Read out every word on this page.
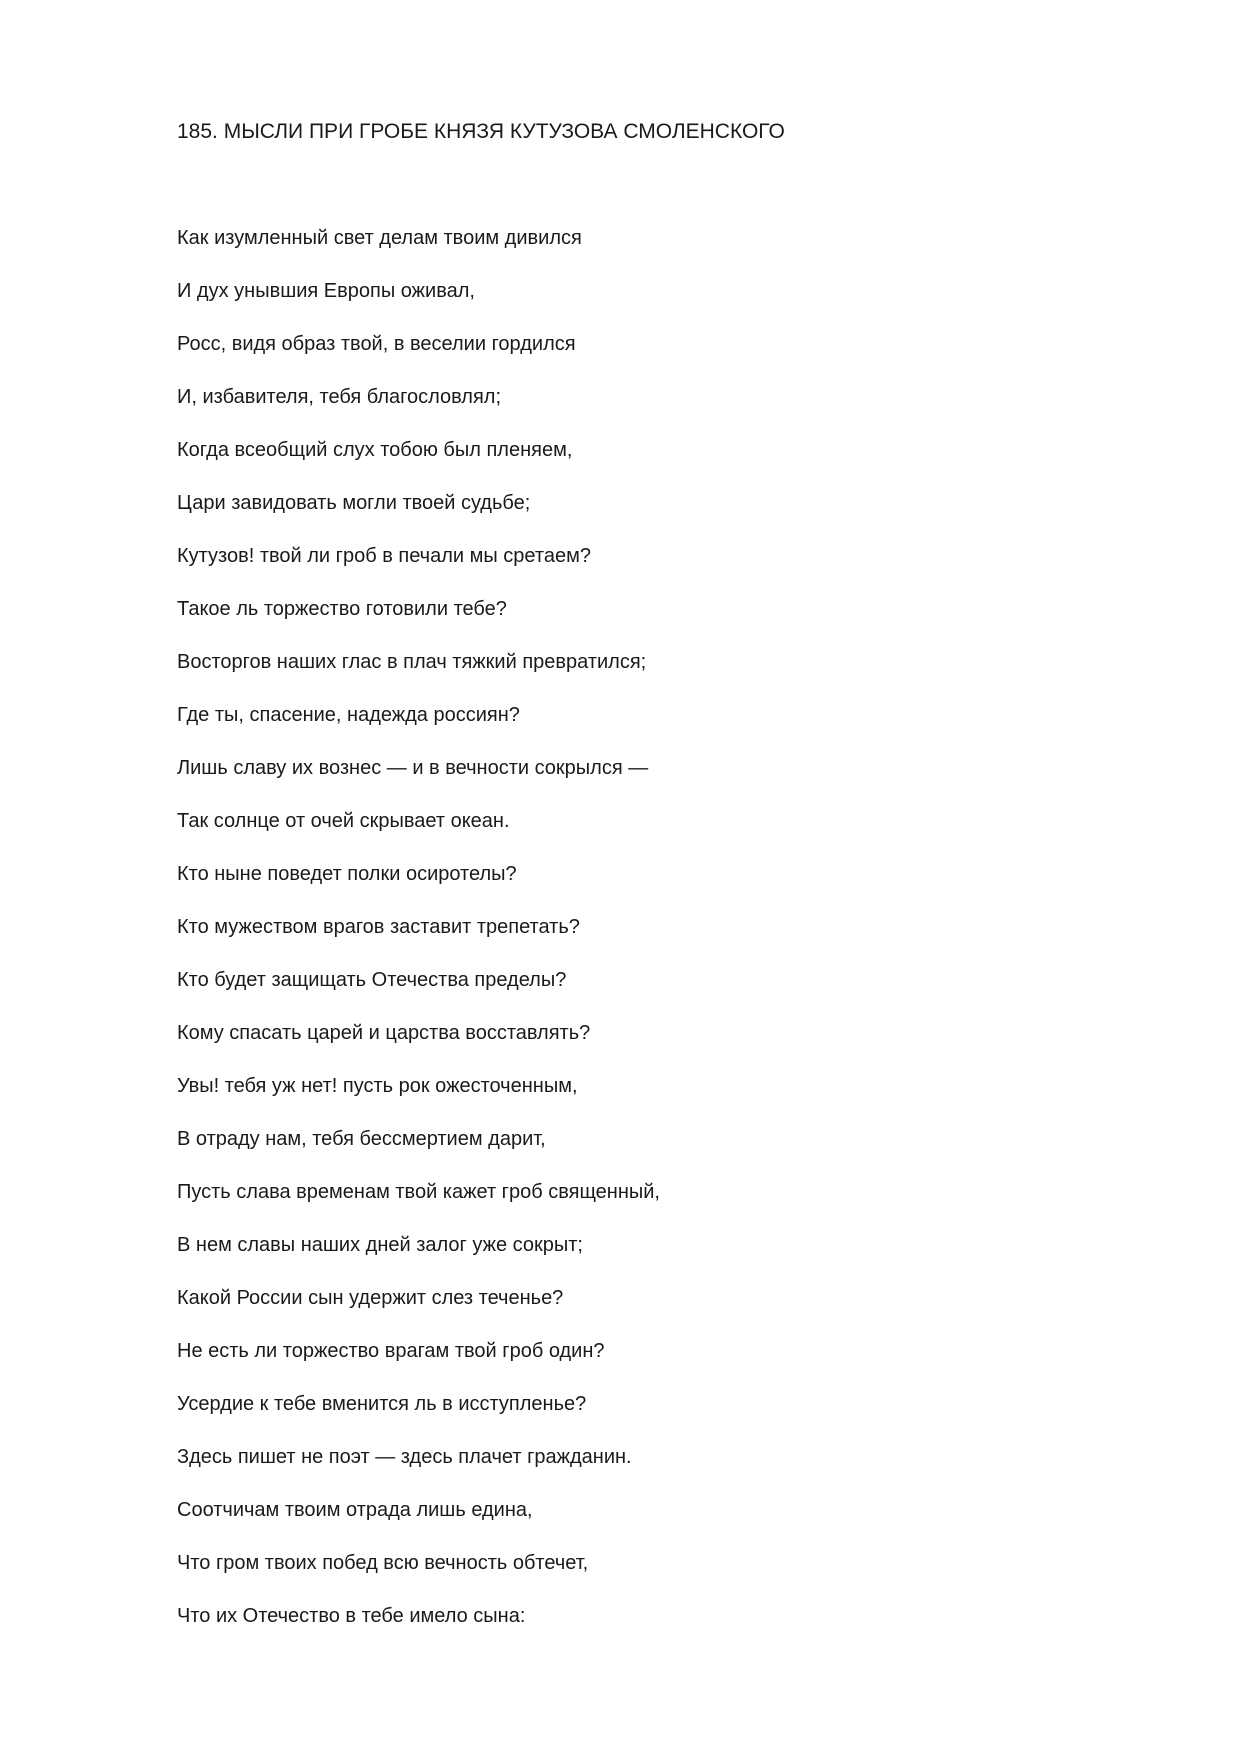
185. МЫСЛИ ПРИ ГРОБЕ КНЯЗЯ КУТУЗОВА СМОЛЕНСКОГО
Как изумленный свет делам твоим дивился
И дух унывшия Европы оживал,
Росс, видя образ твой, в веселии гордился
И, избавителя, тебя благословлял;
Когда всеобщий слух тобою был пленяем,
Цари завидовать могли твоей судьбе;
Кутузов! твой ли гроб в печали мы сретаем?
Такое ль торжество готовили тебе?
Восторгов наших глас в плач тяжкий превратился;
Где ты, спасение, надежда россиян?
Лишь славу их вознес — и в вечности сокрылся —
Так солнце от очей скрывает океан.
Кто ныне поведет полки осиротелы?
Кто мужеством врагов заставит трепетать?
Кто будет защищать Отечества пределы?
Кому спасать царей и царства восставлять?
Увы! тебя уж нет! пусть рок ожесточенным,
В отраду нам, тебя бессмертием дарит,
Пусть слава временам твой кажет гроб священный,
В нем славы наших дней залог уже сокрыт;
Какой России сын удержит слез теченье?
Не есть ли торжество врагам твой гроб один?
Усердие к тебе вменится ль в исступленье?
Здесь пишет не поэт — здесь плачет гражданин.
Соотчичам твоим отрада лишь едина,
Что гром твоих побед всю вечность обтечет,
Что их Отечество в тебе имело сына:
